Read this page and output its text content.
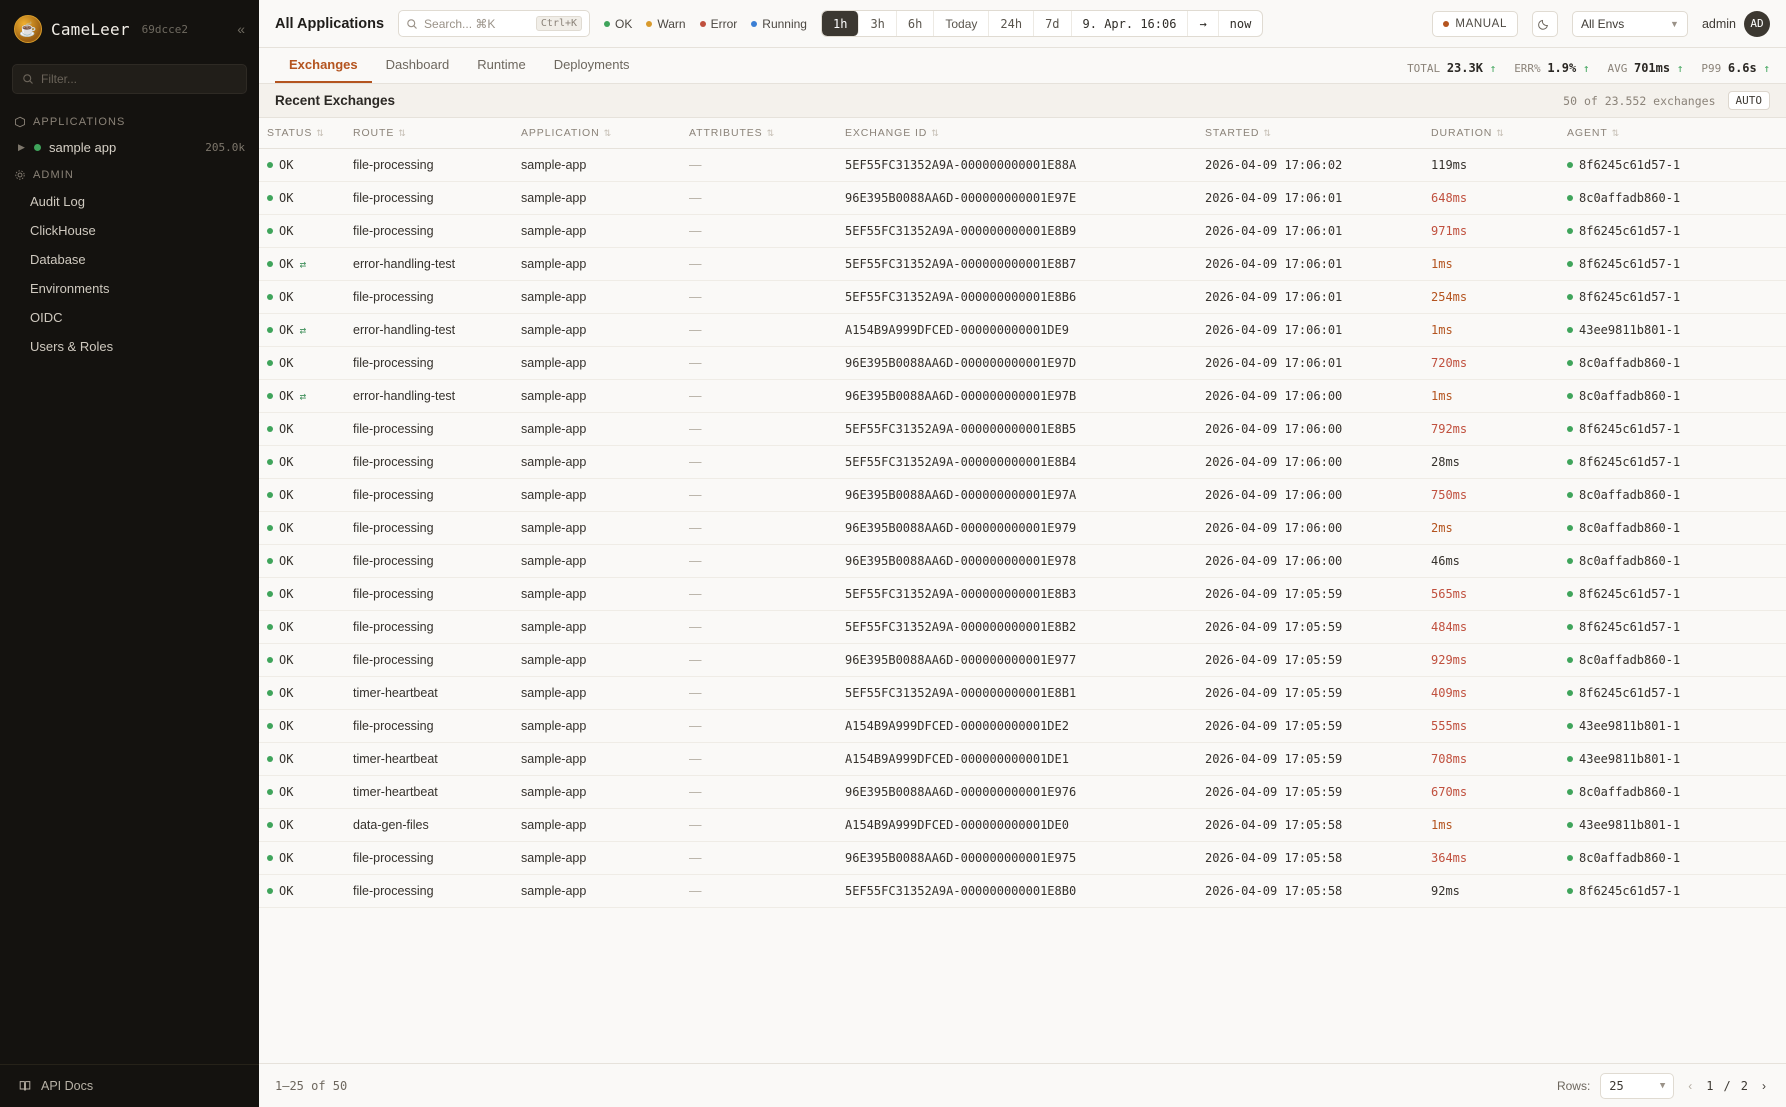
☕ CameLeer 69dcce2	«
Filter...
APPLICATIONS
▶ sample app	205.0k
ADMIN
Audit Log
ClickHouse
Database
Environments
OIDC
Users & Roles
API Docs
All Applications	Search... ⌘K	Ctrl+K	OK Warn Error Running	1h	3h	6h	Today	24h	7d	9. Apr. 16:06	→	now	MANUAL	All Envs	▼ admin	AD
Exchanges	Dashboard	Runtime	Deployments	TOTAL 23.3K ↑ ERR% 1.9% ↑ AVG 701ms ↑ P99 6.6s ↑
Recent Exchanges	50 of 23.552 exchanges	AUTO
STATUS ⇅	ROUTE ⇅	APPLICATION ⇅	ATTRIBUTES ⇅	EXCHANGE ID ⇅	STARTED ⇅	DURATION ⇅	AGENT ⇅

OK	file-processing	sample-app	—	5EF55FC31352A9A-000000000001E88A	2026-04-09 17:06:02	119ms	8f6245c61d57-1

OK	file-processing	sample-app	—	96E395B0088AA6D-000000000001E97E	2026-04-09 17:06:01	648ms	8c0affadb860-1

OK	file-processing	sample-app	—	5EF55FC31352A9A-000000000001E8B9	2026-04-09 17:06:01	971ms	8f6245c61d57-1

OK ⇄	error-handling-test	sample-app	—	5EF55FC31352A9A-000000000001E8B7	2026-04-09 17:06:01	1ms	8f6245c61d57-1

OK	file-processing	sample-app	—	5EF55FC31352A9A-000000000001E8B6	2026-04-09 17:06:01	254ms	8f6245c61d57-1

OK ⇄	error-handling-test	sample-app	—	A154B9A999DFCED-000000000001DE9	2026-04-09 17:06:01	1ms	43ee9811b801-1

OK	file-processing	sample-app	—	96E395B0088AA6D-000000000001E97D	2026-04-09 17:06:01	720ms	8c0affadb860-1

OK ⇄	error-handling-test	sample-app	—	96E395B0088AA6D-000000000001E97B	2026-04-09 17:06:00	1ms	8c0affadb860-1

OK	file-processing	sample-app	—	5EF55FC31352A9A-000000000001E8B5	2026-04-09 17:06:00	792ms	8f6245c61d57-1

OK	file-processing	sample-app	—	5EF55FC31352A9A-000000000001E8B4	2026-04-09 17:06:00	28ms	8f6245c61d57-1

OK	file-processing	sample-app	—	96E395B0088AA6D-000000000001E97A	2026-04-09 17:06:00	750ms	8c0affadb860-1

OK	file-processing	sample-app	—	96E395B0088AA6D-000000000001E979	2026-04-09 17:06:00	2ms	8c0affadb860-1

OK	file-processing	sample-app	—	96E395B0088AA6D-000000000001E978	2026-04-09 17:06:00	46ms	8c0affadb860-1

OK	file-processing	sample-app	—	5EF55FC31352A9A-000000000001E8B3	2026-04-09 17:05:59	565ms	8f6245c61d57-1

OK	file-processing	sample-app	—	5EF55FC31352A9A-000000000001E8B2	2026-04-09 17:05:59	484ms	8f6245c61d57-1

OK	file-processing	sample-app	—	96E395B0088AA6D-000000000001E977	2026-04-09 17:05:59	929ms	8c0affadb860-1

OK	timer-heartbeat	sample-app	—	5EF55FC31352A9A-000000000001E8B1	2026-04-09 17:05:59	409ms	8f6245c61d57-1

OK	file-processing	sample-app	—	A154B9A999DFCED-000000000001DE2	2026-04-09 17:05:59	555ms	43ee9811b801-1

OK	timer-heartbeat	sample-app	—	A154B9A999DFCED-000000000001DE1	2026-04-09 17:05:59	708ms	43ee9811b801-1

OK	timer-heartbeat	sample-app	—	96E395B0088AA6D-000000000001E976	2026-04-09 17:05:59	670ms	8c0affadb860-1

OK	data-gen-files	sample-app	—	A154B9A999DFCED-000000000001DE0	2026-04-09 17:05:58	1ms	43ee9811b801-1

OK	file-processing	sample-app	—	96E395B0088AA6D-000000000001E975	2026-04-09 17:05:58	364ms	8c0affadb860-1

OK	file-processing	sample-app	—	5EF55FC31352A9A-000000000001E8B0	2026-04-09 17:05:58	92ms	8f6245c61d57-1
1–25 of 50	Rows: 25	▼	‹	1 / 2	›
